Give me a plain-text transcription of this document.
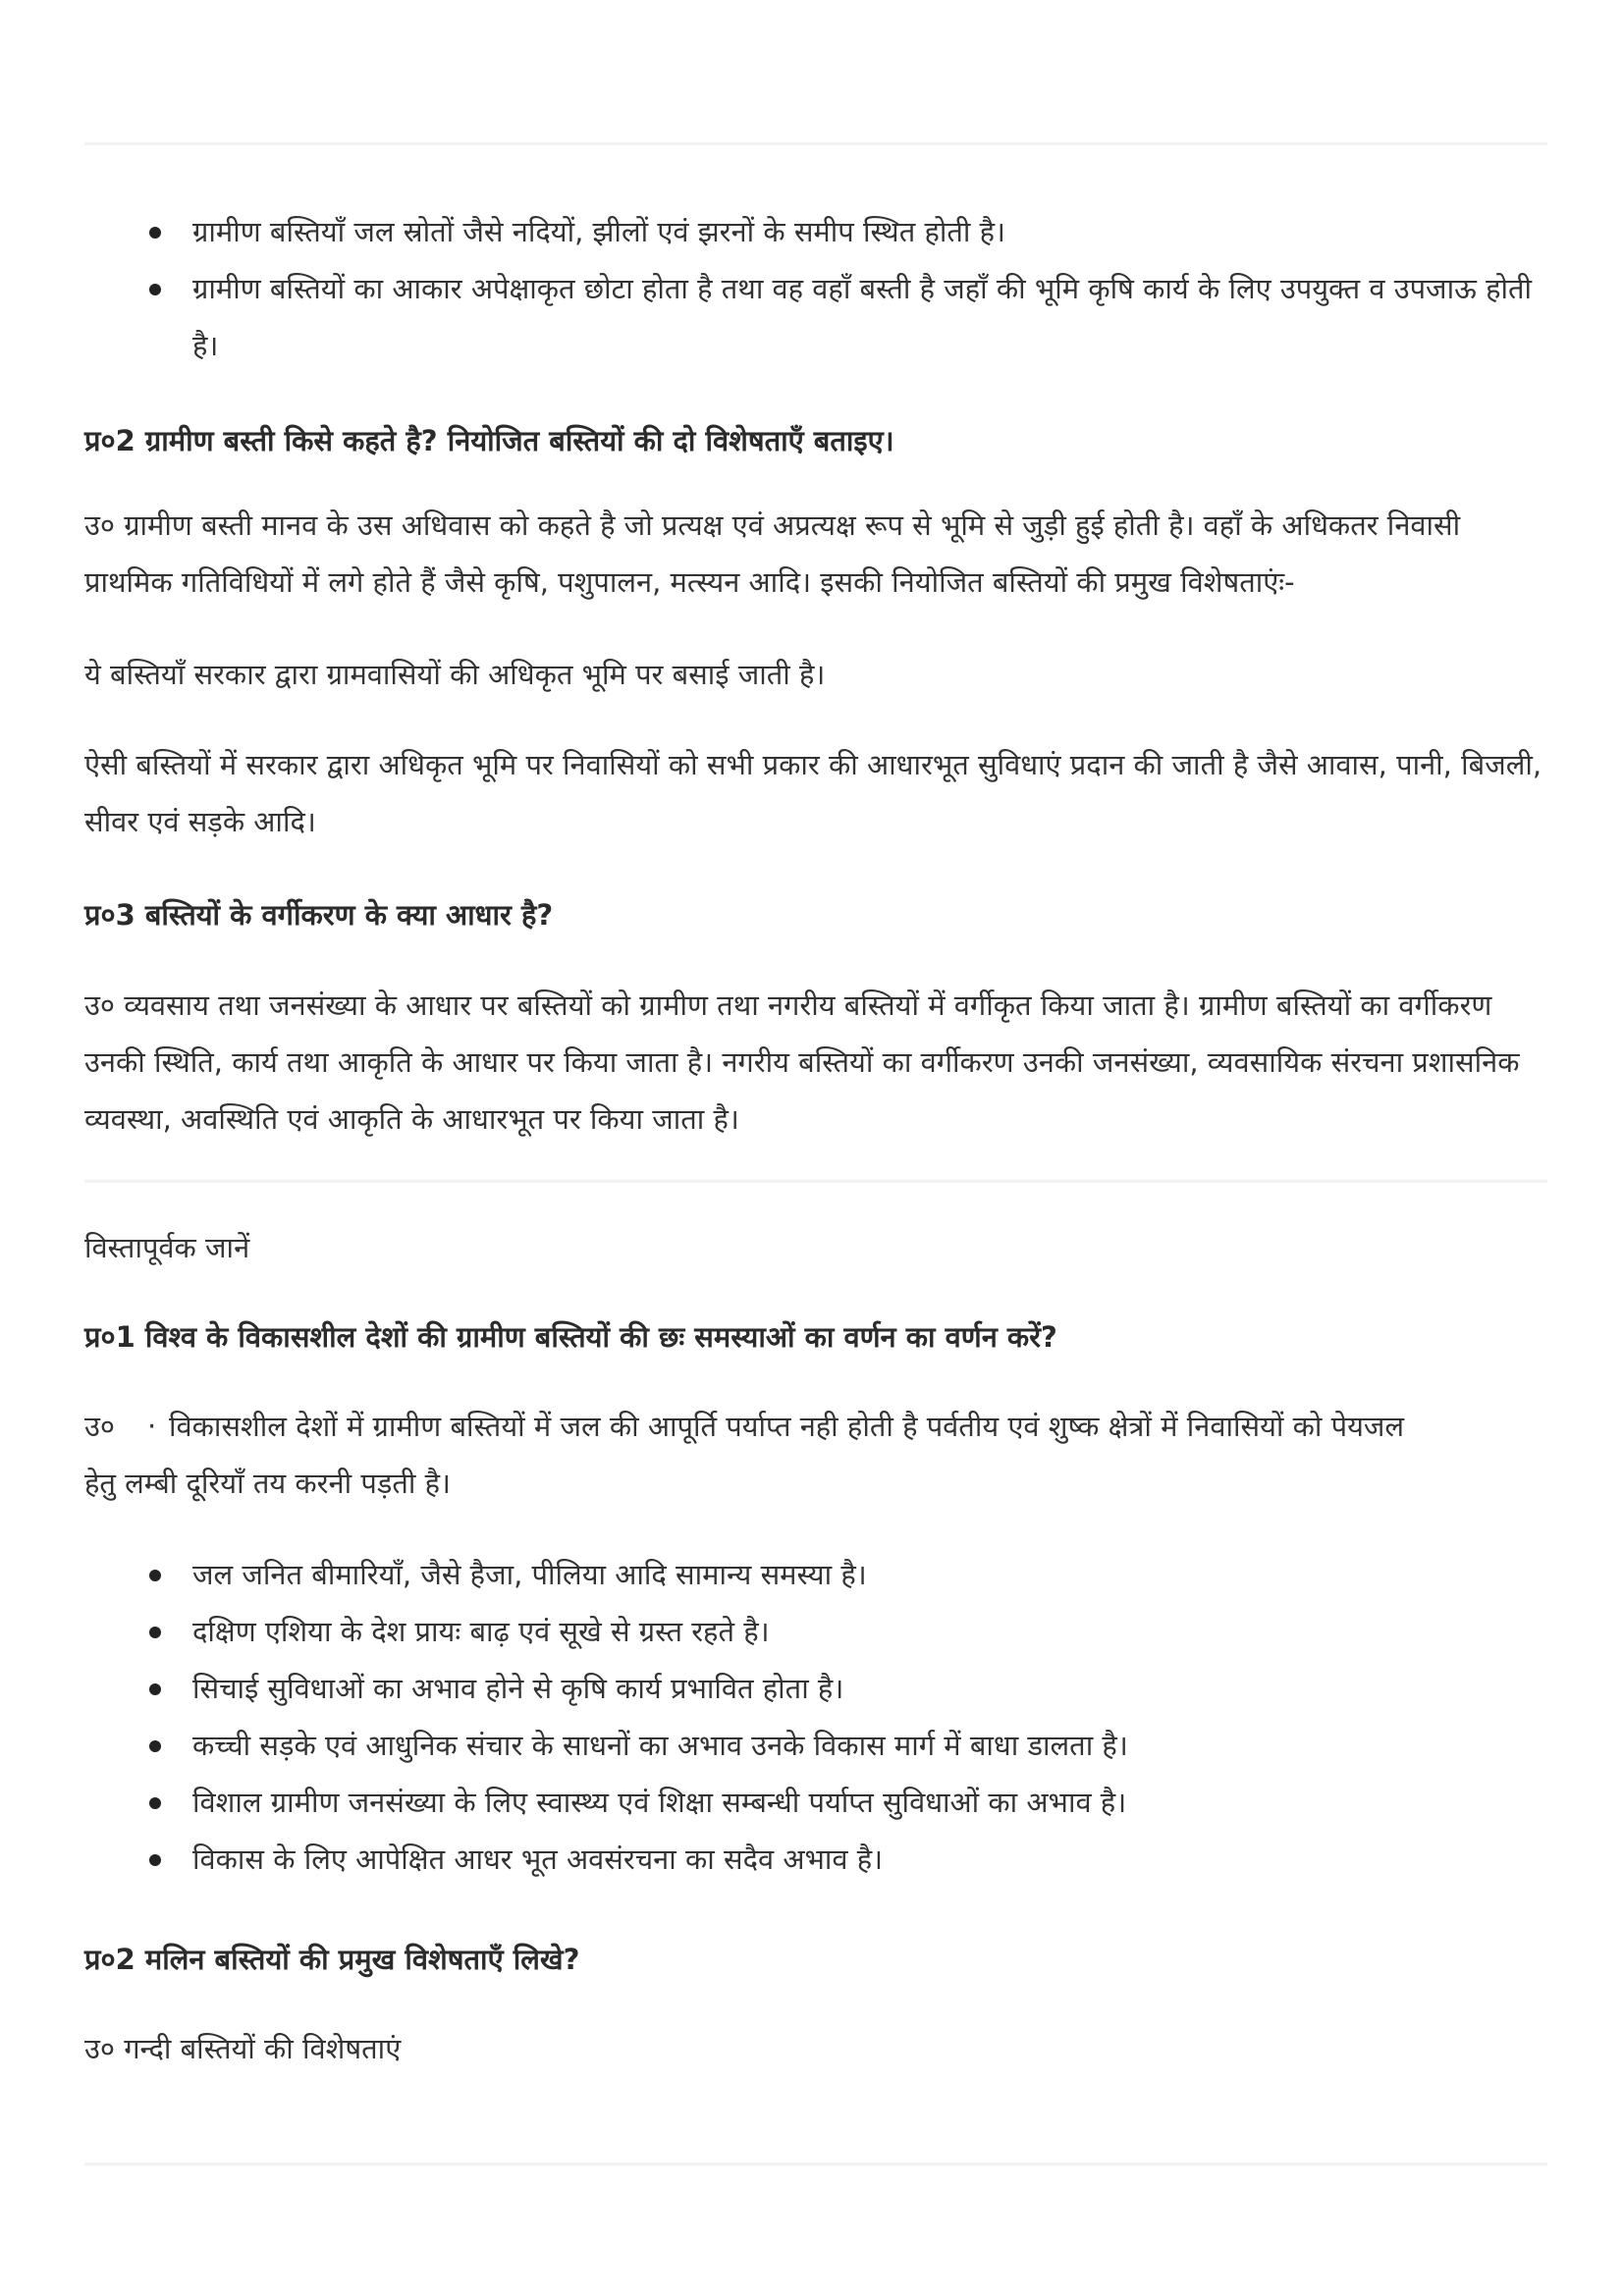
ग्रामीण बस्तियाँ जल स्रोतों जैसे नदियों, झीलों एवं झरनों के समीप स्थित होती है।
ग्रामीण बस्तियों का आकार अपेक्षाकृत छोटा होता है तथा वह वहाँ बस्ती है जहाँ की भूमि कृषि कार्य के लिए उपयुक्त व उपजाऊ होती है।
प्र०2 ग्रामीण बस्ती किसे कहते है? नियोजित बस्तियों की दो विशेषताएँ बताइए।
उ० ग्रामीण बस्ती मानव के उस अधिवास को कहते है जो प्रत्यक्ष एवं अप्रत्यक्ष रूप से भूमि से जुड़ी हुई होती है। वहाँ के अधिकतर निवासी प्राथमिक गतिविधियों में लगे होते हैं जैसे कृषि, पशुपालन, मत्स्यन आदि। इसकी नियोजित बस्तियों की प्रमुख विशेषताएंः-
ये बस्तियाँ सरकार द्वारा ग्रामवासियों की अधिकृत भूमि पर बसाई जाती है।
ऐसी बस्तियों में सरकार द्वारा अधिकृत भूमि पर निवासियों को सभी प्रकार की आधारभूत सुविधाएं प्रदान की जाती है जैसे आवास, पानी, बिजली, सीवर एवं सड़के आदि।
प्र०3 बस्तियों के वर्गीकरण के क्या आधार है?
उ० व्यवसाय तथा जनसंख्या के आधार पर बस्तियों को ग्रामीण तथा नगरीय बस्तियों में वर्गीकृत किया जाता है। ग्रामीण बस्तियों का वर्गीकरण उनकी स्थिति, कार्य तथा आकृति के आधार पर किया जाता है। नगरीय बस्तियों का वर्गीकरण उनकी जनसंख्या, व्यवसायिक संरचना प्रशासनिक व्यवस्था, अवस्थिति एवं आकृति के आधारभूत पर किया जाता है।
विस्तापूर्वक जानें
प्र०1 विश्व के विकासशील देशों की ग्रामीण बस्तियों की छः समस्याओं का वर्णन का वर्णन करें?
उ० · विकासशील देशों में ग्रामीण बस्तियों में जल की आपूर्ति पर्याप्त नही होती है पर्वतीय एवं शुष्क क्षेत्रों में निवासियों को पेयजल
हेतु लम्बी दूरियाँ तय करनी पड़ती है।
जल जनित बीमारियाँ, जैसे हैजा, पीलिया आदि सामान्य समस्या है।
दक्षिण एशिया के देश प्रायः बाढ़ एवं सूखे से ग्रस्त रहते है।
सिचाई सुविधाओं का अभाव होने से कृषि कार्य प्रभावित होता है।
कच्ची सड़के एवं आधुनिक संचार के साधनों का अभाव उनके विकास मार्ग में बाधा डालता है।
विशाल ग्रामीण जनसंख्या के लिए स्वास्थ्य एवं शिक्षा सम्बन्धी पर्याप्त सुविधाओं का अभाव है।
विकास के लिए आपेक्षित आधर भूत अवसंरचना का सदैव अभाव है।
प्र०2 मलिन बस्तियों की प्रमुख विशेषताएँ लिखे?
उ० गन्दी बस्तियों की विशेषताएं
